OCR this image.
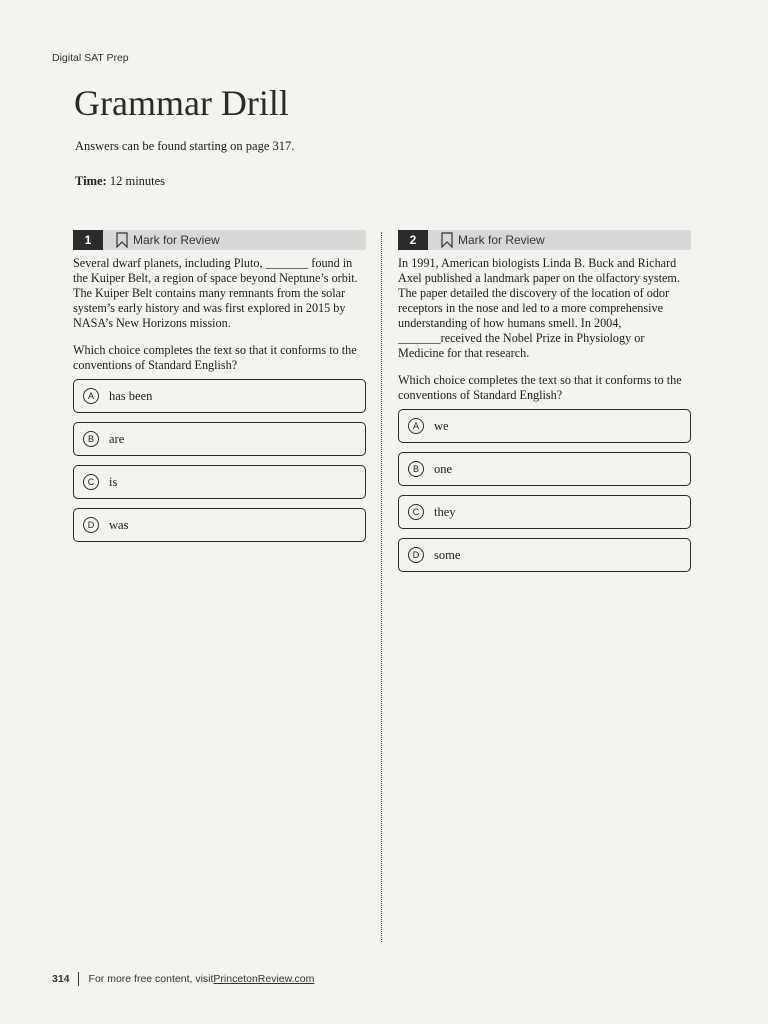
Digital SAT Prep
Grammar Drill
Answers can be found starting on page 317.
Time: 12 minutes
1	Mark for Review

Several dwarf planets, including Pluto, _______ found in the Kuiper Belt, a region of space beyond Neptune’s orbit. The Kuiper Belt contains many remnants from the solar system’s early history and was first explored in 2015 by NASA’s New Horizons mission.

Which choice completes the text so that it conforms to the conventions of Standard English?

A	has been
B	are
C	is
D	was
2	Mark for Review

In 1991, American biologists Linda B. Buck and Richard Axel published a landmark paper on the olfactory system. The paper detailed the discovery of the location of odor receptors in the nose and led to a more comprehensive understanding of how humans smell. In 2004, _______received the Nobel Prize in Physiology or Medicine for that research.

Which choice completes the text so that it conforms to the conventions of Standard English?

A	we
B	one
C	they
D	some
314 For more free content, visit PrincetonReview.com
